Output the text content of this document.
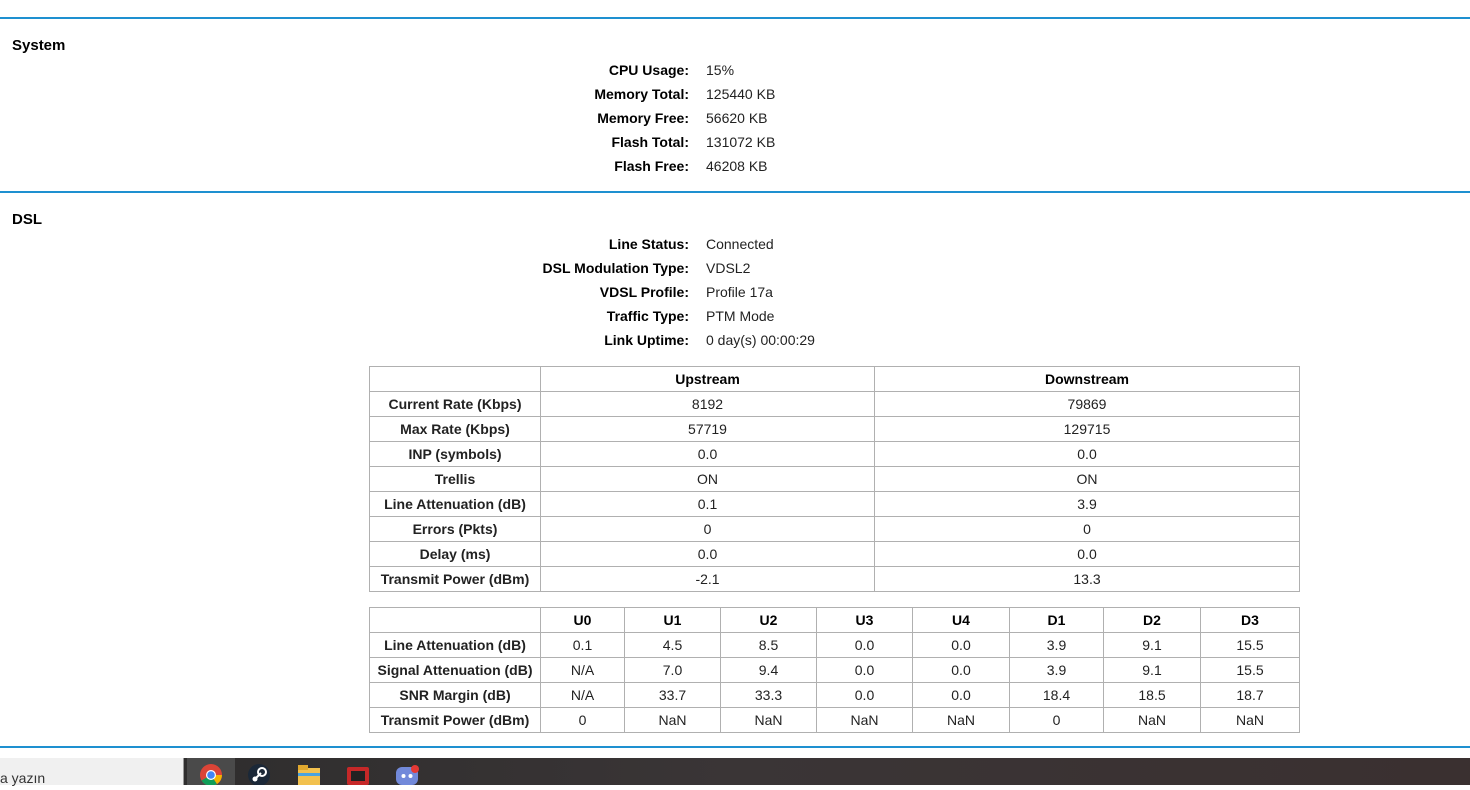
System
CPU Usage: 15%
Memory Total: 125440 KB
Memory Free: 56620 KB
Flash Total: 131072 KB
Flash Free: 46208 KB
DSL
Line Status: Connected
DSL Modulation Type: VDSL2
VDSL Profile: Profile 17a
Traffic Type: PTM Mode
Link Uptime: 0 day(s) 00:00:29
	Upstream	Downstream
Current Rate (Kbps)	8192	79869
Max Rate (Kbps)	57719	129715
INP (symbols)	0.0	0.0
Trellis	ON	ON
Line Attenuation (dB)	0.1	3.9
Errors (Pkts)	0	0
Delay (ms)	0.0	0.0
Transmit Power (dBm)	-2.1	13.3
	U0	U1	U2	U3	U4	D1	D2	D3
Line Attenuation (dB)	0.1	4.5	8.5	0.0	0.0	3.9	9.1	15.5
Signal Attenuation (dB)	N/A	7.0	9.4	0.0	0.0	3.9	9.1	15.5
SNR Margin (dB)	N/A	33.7	33.3	0.0	0.0	18.4	18.5	18.7
Transmit Power (dBm)	0	NaN	NaN	NaN	NaN	0	NaN	NaN
a yazın
